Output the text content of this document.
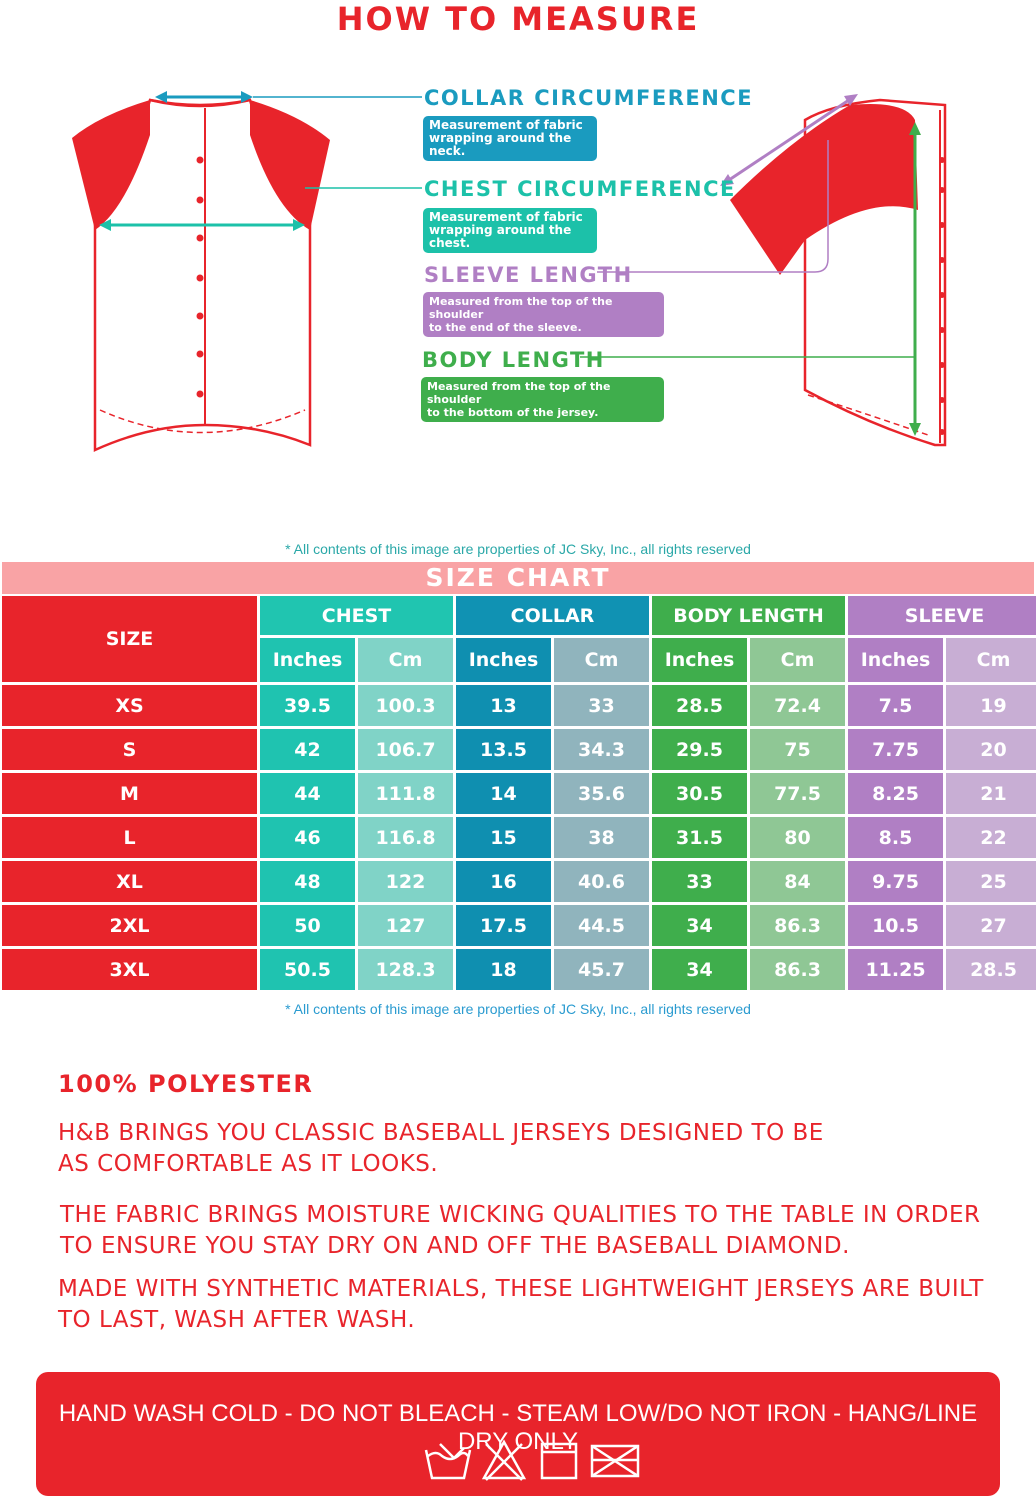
HOW TO MEASURE
COLLAR CIRCUMFERENCE
Measurement of fabric
wrapping around the neck.
CHEST CIRCUMFERENCE
Measurement of fabric
wrapping around the chest.
SLEEVE LENGTH
Measured from the top of the shoulder
to the end of the sleeve.
BODY LENGTH
Measured from the top of the shoulder
to the bottom of the jersey.
* All contents of this image are properties of JC Sky, Inc., all rights reserved
SIZE CHART
SIZE	CHEST		COLLAR		BODY LENGTH		SLEEVE	
	Inches	Cm	Inches	Cm	Inches	Cm	Inches	Cm
XS	39.5	100.3	13	33	28.5	72.4	7.5	19
S	42	106.7	13.5	34.3	29.5	75	7.75	20
M	44	111.8	14	35.6	30.5	77.5	8.25	21
L	46	116.8	15	38	31.5	80	8.5	22
XL	48	122	16	40.6	33	84	9.75	25
2XL	50	127	17.5	44.5	34	86.3	10.5	27
3XL	50.5	128.3	18	45.7	34	86.3	11.25	28.5
* All contents of this image are properties of JC Sky, Inc., all rights reserved
100% POLYESTER
H&B BRINGS YOU CLASSIC BASEBALL JERSEYS DESIGNED TO BE
AS COMFORTABLE AS IT LOOKS.
THE FABRIC BRINGS MOISTURE WICKING QUALITIES TO THE TABLE IN ORDER
TO ENSURE YOU STAY DRY ON AND OFF THE BASEBALL DIAMOND.
MADE WITH SYNTHETIC MATERIALS, THESE LIGHTWEIGHT JERSEYS ARE BUILT
TO LAST, WASH AFTER WASH.
HAND WASH COLD - DO NOT BLEACH - STEAM LOW/DO NOT IRON - HANG/LINE DRY ONLY
